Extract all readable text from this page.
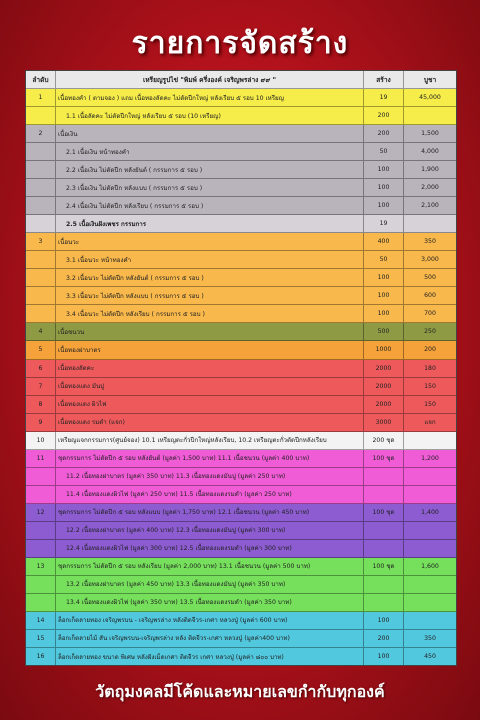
รายการจัดสร้าง
ลำดับ	เหรียญรูปไข่ "พิมพ์ ครึ่งองค์ เจริญพรล่าง ๙๙ "	สร้าง	บูชา
1	เนื้อทองคำ ( ตามจอง ) แถม เนื้อทองลัดคะ ไม่ตัดปีกใหญ่ หลังเรียบ ๕ รอบ 10 เหรียญ	19	45,000
1.1 เนื้อลัดคะ ไม่ตัดปีกใหญ่ หลังเรียบ ๕ รอบ (10 เหรียญ)	200
2	เนื้อเงิน	200	1,500
2.1 เนื้อเงิน หน้าทองคำ	50	4,000
2.2 เนื้อเงิน ไม่ตัดปีก หลังยันต์ ( กรรมการ ๕ รอบ )	100	1,900
2.3 เนื้อเงิน ไม่ตัดปีก หลังแบบ ( กรรมการ ๕ รอบ )	100	2,000
2.4 เนื้อเงิน ไม่ตัดปีก หลังเรียบ ( กรรมการ ๕ รอบ )	100	2,100
2.5 เนื้อเงินฝังเพชร กรรมการ	19
3	เนื้อนวะ	400	350
3.1 เนื้อนวะ หน้าทองคำ	50	3,000
3.2 เนื้อนวะ ไม่ตัดปีก หลังยันต์ ( กรรมการ ๕ รอบ )	100	500
3.3 เนื้อนวะ ไม่ตัดปีก หลังแบบ ( กรรมการ ๕ รอบ )	100	600
3.4 เนื้อนวะ ไม่ตัดปีก หลังเรียบ ( กรรมการ ๕ รอบ )	100	700
4	เนื้อชนวน	500	250
5	เนื้อทองฝาบาตร	1000	200
6	เนื้อทองลัดคะ	2000	180
7	เนื้อทองแดง มันปู	2000	150
8	เนื้อทองแดง ผิวไฟ	2000	150
9	เนื้อทองแดง รมดำ (แจก)	3000	แจก
10	เหรียญแจกกรรมการ(ศูนย์จอง) 10.1 เหรียญตะกั่วปีกใหญ่หลังเรียบ, 10.2 เหรียญตะกั่วตัดปีกหลังเรียบ	200 ชุด
11	ชุดกรรมการ ไม่ตัดปีก ๕ รอบ หลังยันต์ (มูลค่า 1,500 บาท) 11.1 เนื้อชนวน (มูลค่า 400 บาท)	100 ชุด	1,200
11.2 เนื้อทองฝาบาตร (มูลค่า 350 บาท) 11.3 เนื้อทองแดงมันปู (มูลค่า 250 บาท)
11.4 เนื้อทองแดงผิวไฟ (มูลค่า 250 บาท) 11.5 เนื้อทองแดงรมดำ (มูลค่า 250 บาท)
12	ชุดกรรมการ ไม่ตัดปีก ๕ รอบ หลังแบบ (มูลค่า 1,750 บาท) 12.1 เนื้อชนวน (มูลค่า 450 บาท)	100 ชุด	1,400
12.2 เนื้อทองฝาบาตร (มูลค่า 400 บาท) 12.3 เนื้อทองแดงมันปู (มูลค่า 300 บาท)
12.4 เนื้อทองแดงผิวไฟ (มูลค่า 300 บาท) 12.5 เนื้อทองแดงรมดำ (มูลค่า 300 บาท)
13	ชุดกรรมการ ไม่ตัดปีก ๕ รอบ หลังเรียบ (มูลค่า 2,000 บาท) 13.1 เนื้อชนวน (มูลค่า 500 บาท)	100 ชุด	1,600
13.2 เนื้อทองฝาบาตร (มูลค่า 450 บาท) 13.3 เนื้อทองแดงมันปู (มูลค่า 350 บาท)
13.4 เนื้อทองแดงผิวไฟ (มูลค่า 350 บาท) 13.5 เนื้อทองแดงรมดำ (มูลค่า 350 บาท)
14	ล็อกเก็ตลายทอง เจริญพรบน - เจริญพรล่าง หลังติดจีวร-เกศา หลวงปู่ (มูลค่า 600 บาท)	100
15	ล็อกเก็ตลายไม้ สัน เจริญพรบน-เจริญพรล่าง หลัง ติดจีวร-เกศา หลวงปู่ (มูลค่า400 บาท)	200	350
16	ล็อกเก็ตลายทอง ขนาด พิเศษ หลังฝังเม็ดเกศา ติดจีวร เกศา หลวงปู่ (มูลค่า ๘๐๐ บาท)	100	450
วัตถุมงคลมีโค้ดและหมายเลขกำกับทุกองค์
